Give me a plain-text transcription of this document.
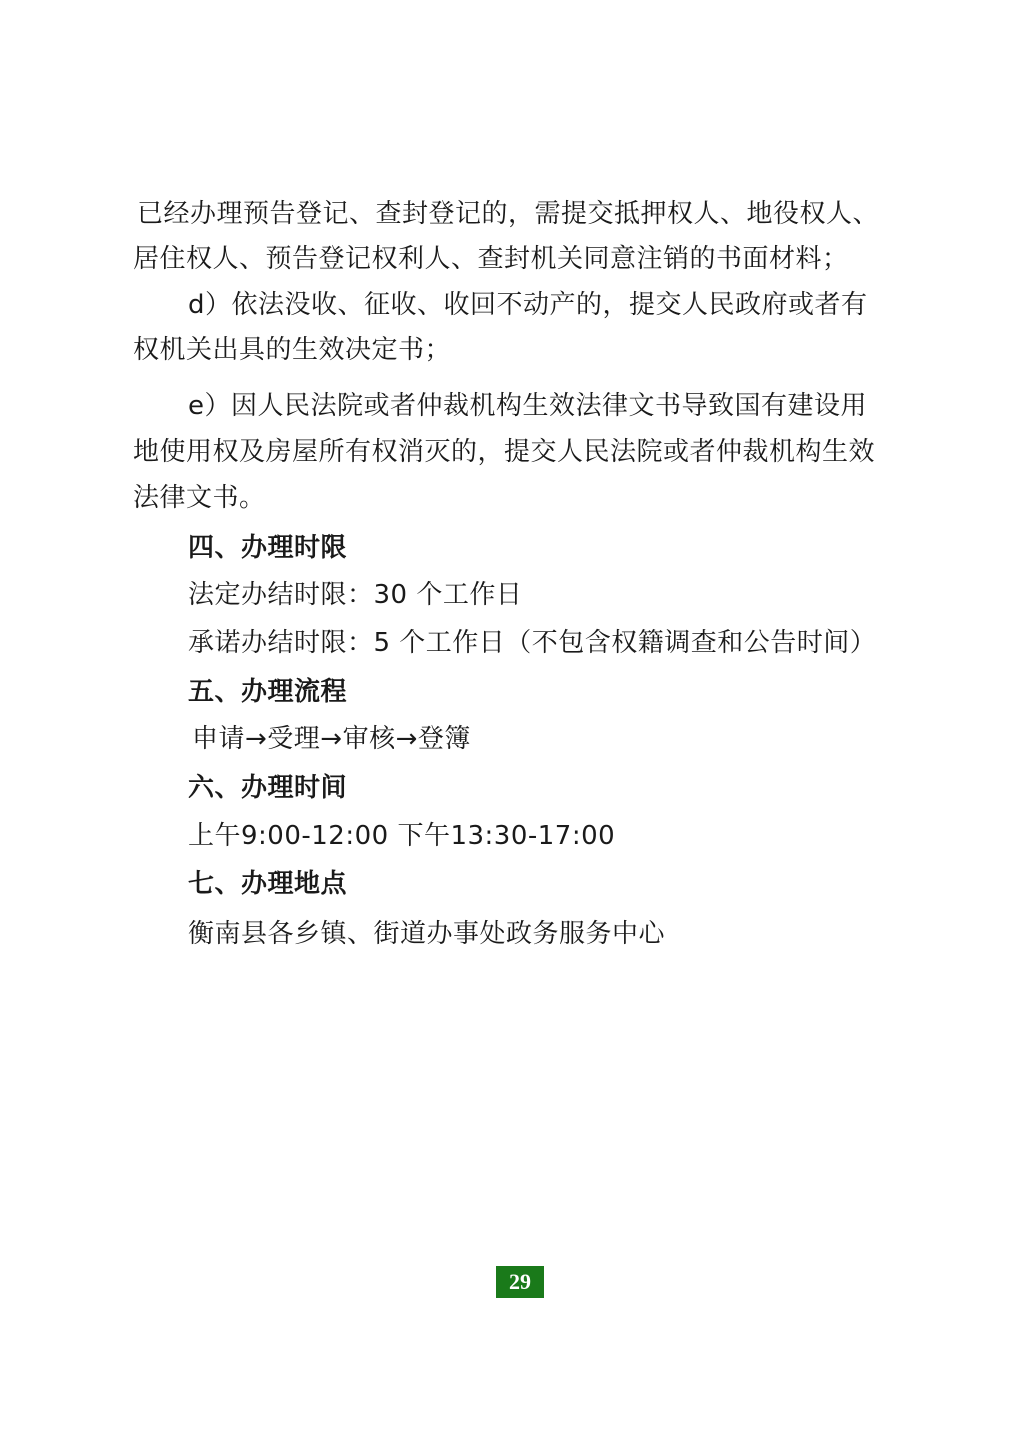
已经办理预告登记、查封登记的，需提交抵押权人、地役权人、
居住权人、预告登记权利人、查封机关同意注销的书面材料；
d）依法没收、征收、收回不动产的，提交人民政府或者有
权机关出具的生效决定书；
e）因人民法院或者仲裁机构生效法律文书导致国有建设用
地使用权及房屋所有权消灭的，提交人民法院或者仲裁机构生效
法律文书。
四、办理时限
法定办结时限：30 个工作日
承诺办结时限：5 个工作日（不包含权籍调查和公告时间）
五、办理流程
申请→受理→审核→登簿
六、办理时间
上午9:00-12:00 下午13:30-17:00
七、办理地点
衡南县各乡镇、街道办事处政务服务中心
29
